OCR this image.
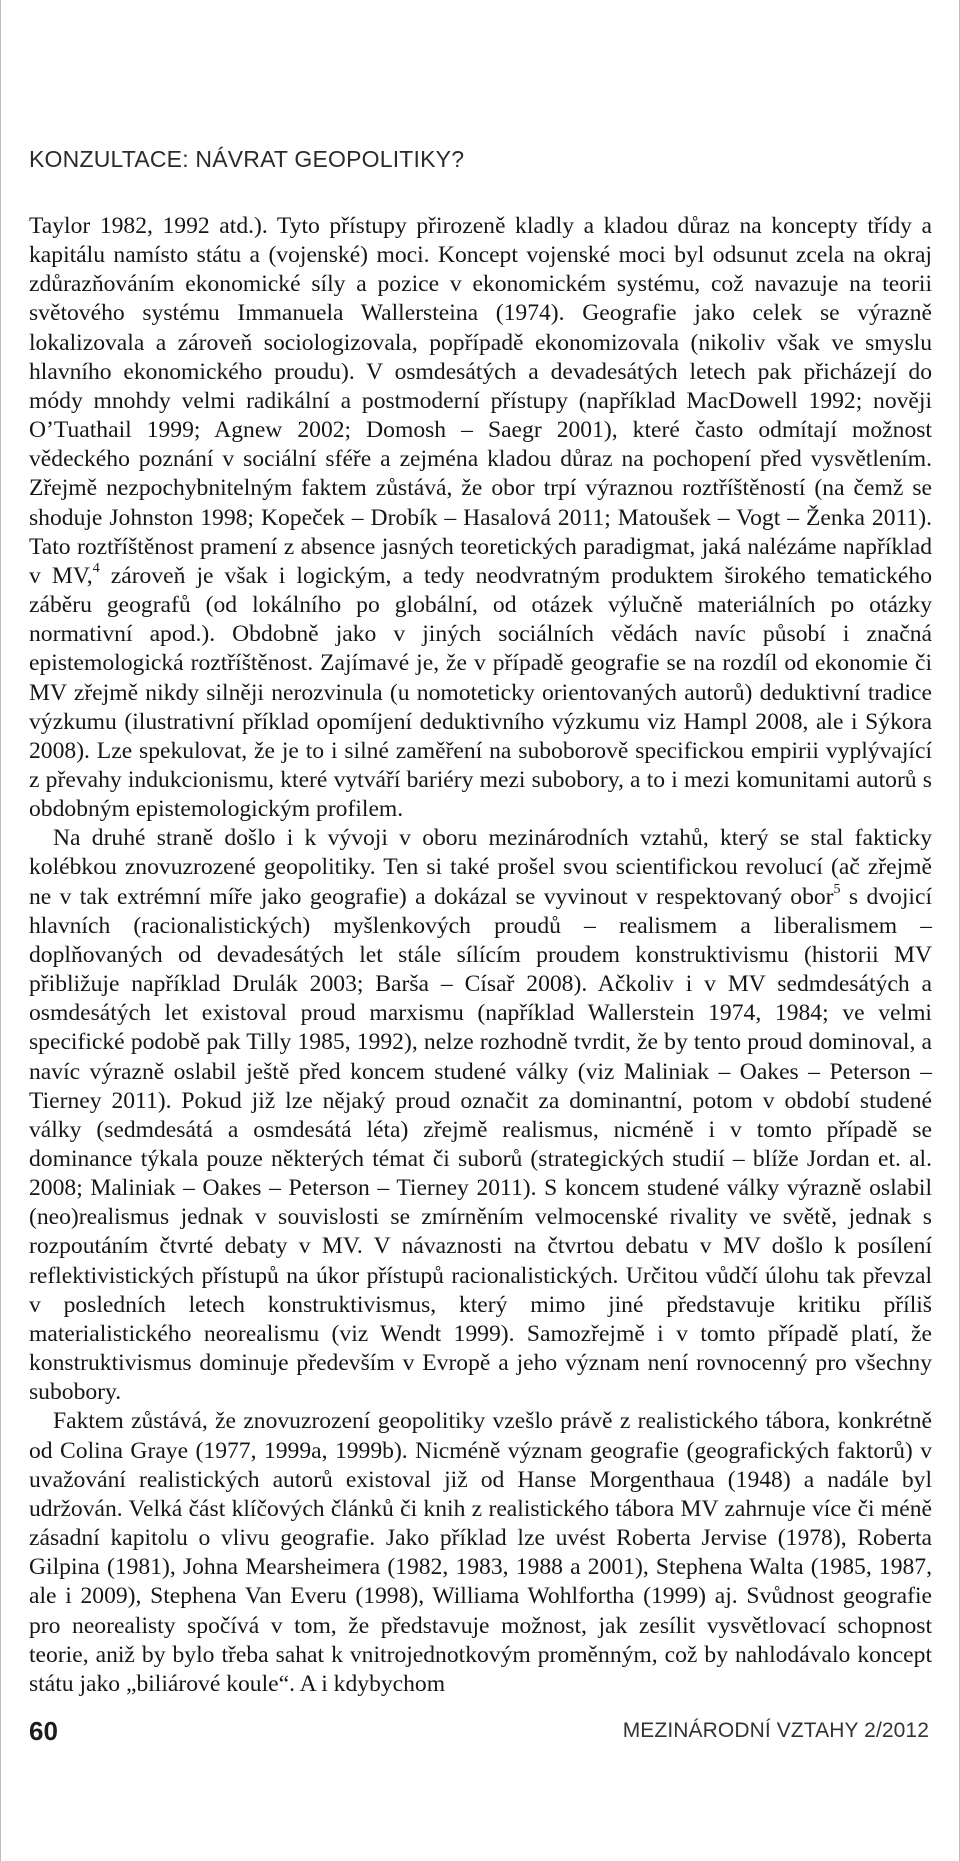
KONZULTACE: NÁVRAT GEOPOLITIKY?

Taylor 1982, 1992 atd.). Tyto přístupy přirozeně kladly a kladou důraz na koncepty třídy a kapitálu namísto státu a (vojenské) moci. Koncept vojenské moci byl odsunut zcela na okraj zdůrazňováním ekonomické síly a pozice v ekonomickém systému, což navazuje na teorii světového systému Immanuela Wallersteina (1974). Geografie jako celek se výrazně lokalizovala a zároveň sociologizovala, popřípadě ekonomizovala (nikoliv však ve smyslu hlavního ekonomického proudu). V osmdesátých a devadesátých letech pak přicházejí do módy mnohdy velmi radikální a postmoderní přístupy (například MacDowell 1992; nověji O’Tuathail 1999; Agnew 2002; Domosh – Saegr 2001), které často odmítají možnost vědeckého poznání v sociální sféře a zejména kladou důraz na pochopení před vysvětlením. Zřejmě nezpochybnitelným faktem zůstává, že obor trpí výraznou roztříštěností (na čemž se shoduje Johnston 1998; Kopeček – Drobík – Hasalová 2011; Matoušek – Vogt – Ženka 2011). Tato roztříštěnost pramení z absence jasných teoretických paradigmat, jaká nalézáme například v MV,$^4$ zároveň je však i logickým, a tedy neodvratným produktem širokého tematického záběru geografů (od lokálního po globální, od otázek výlučně materiálních po otázky normativní apod.). Obdobně jako v jiných sociálních vědách navíc působí i značná epistemologická roztříštěnost. Zajímavé je, že v případě geografie se na rozdíl od ekonomie či MV zřejmě nikdy silněji nerozvinula (u nomoteticky orientovaných autorů) deduktivní tradice výzkumu (ilustrativní příklad opomíjení deduktivního výzkumu viz Hampl 2008, ale i Sýkora 2008). Lze spekulovat, že je to i silné zaměření na suboborově specifickou empirii vyplývající z převahy indukcionismu, které vytváří bariéry mezi subobory, a to i mezi komunitami autorů s obdobným epistemologickým profilem.

Na druhé straně došlo i k vývoji v oboru mezinárodních vztahů, který se stal fakticky kolébkou znovuzrozené geopolitiky. Ten si také prošel svou scientifickou revolucí (ač zřejmě ne v tak extrémní míře jako geografie) a dokázal se vyvinout v respektovaný obor$^5$ s dvojicí hlavních (racionalistických) myšlenkových proudů – realismem a liberalismem – doplňovaných od devadesátých let stále sílícím proudem konstruktivismu (historii MV přibližuje například Drulák 2003; Barša – Císař 2008). Ačkoliv i v MV sedmdesátých a osmdesátých let existoval proud marxismu (například Wallerstein 1974, 1984; ve velmi specifické podobě pak Tilly 1985, 1992), nelze rozhodně tvrdit, že by tento proud dominoval, a navíc výrazně oslabil ještě před koncem studené války (viz Maliniak – Oakes – Peterson – Tierney 2011). Pokud již lze nějaký proud označit za dominantní, potom v období studené války (sedmdesátá a osmdesátá léta) zřejmě realismus, nicméně i v tomto případě se dominance týkala pouze některých témat či suborů (strategických studií – blíže Jordan et. al. 2008; Maliniak – Oakes – Peterson – Tierney 2011). S koncem studené války výrazně oslabil (neo)realismus jednak v souvislosti se zmírněním velmocenské rivality ve světě, jednak s rozpoutáním čtvrté debaty v MV. V návaznosti na čtvrtou debatu v MV došlo k posílení reflektivistických přístupů na úkor přístupů racionalistických. Určitou vůdčí úlohu tak převzal v posledních letech konstruktivismus, který mimo jiné představuje kritiku příliš materialistického neorealismu (viz Wendt 1999). Samozřejmě i v tomto případě platí, že konstruktivismus dominuje především v Evropě a jeho význam není rovnocenný pro všechny subobory.

Faktem zůstává, že znovuzrození geopolitiky vzešlo právě z realistického tábora, konkrétně od Colina Graye (1977, 1999a, 1999b). Nicméně význam geografie (geografických faktorů) v uvažování realistických autorů existoval již od Hanse Morgenthaua (1948) a nadále byl udržován. Velká část klíčových článků či knih z realistického tábora MV zahrnuje více či méně zásadní kapitolu o vlivu geografie. Jako příklad lze uvést Roberta Jervise (1978), Roberta Gilpina (1981), Johna Mearsheimera (1982, 1983, 1988 a 2001), Stephena Walta (1985, 1987, ale i 2009), Stephena Van Everu (1998), Williama Wohlfortha (1999) aj. Svůdnost geografie pro neorealisty spočívá v tom, že představuje možnost, jak zesílit vysvětlovací schopnost teorie, aniž by bylo třeba sahat k vnitrojednotkovým proměnným, což by nahlodávalo koncept státu jako „biliárové koule“. A i kdybychom

60	MEZINÁRODNÍ VZTAHY 2/2012
